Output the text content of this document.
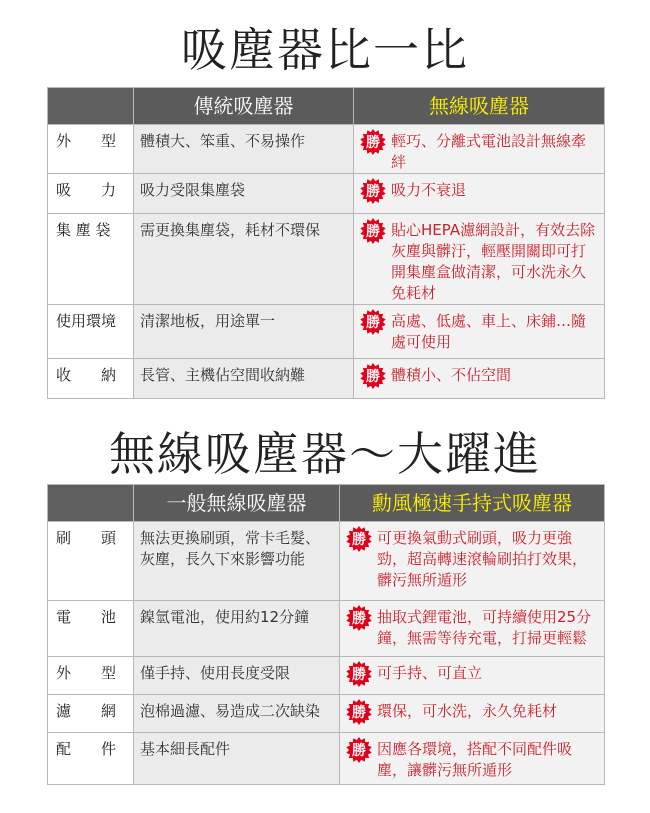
吸塵器比一比
	傳統吸塵器	無線吸塵器
外　　型	體積大、笨重、不易操作	勝 輕巧、分離式電池設計無線牽絆

吸　　力	吸力受限集塵袋	勝 吸力不衰退

集 塵 袋	需更換集塵袋，耗材不環保	勝 貼心HEPA濾網設計，有效去除灰塵與髒汙，輕壓開關即可打開集塵盒做清潔，可水洗永久免耗材

使用環境	清潔地板，用途單一	勝 高處、低處、車上、床鋪…隨處可使用

收　　納	長管、主機佔空間收納難	勝 體積小、不佔空間
無線吸塵器～大躍進
	一般無線吸塵器	勳風極速手持式吸塵器
刷　　頭	無法更換刷頭，常卡毛髮、灰塵，長久下來影響功能	勝 可更換氣動式刷頭，吸力更強勁，超高轉速滾輪刷拍打效果，髒污無所遁形

電　　池	鎳氫電池，使用約12分鐘	勝 抽取式鋰電池，可持續使用25分鐘，無需等待充電，打掃更輕鬆

外　　型	僅手持、使用長度受限	勝 可手持、可直立

濾　　網	泡棉過濾、易造成二次缺染	勝 環保，可水洗，永久免耗材

配　　件	基本細長配件	勝 因應各環境，搭配不同配件吸塵，讓髒污無所遁形
